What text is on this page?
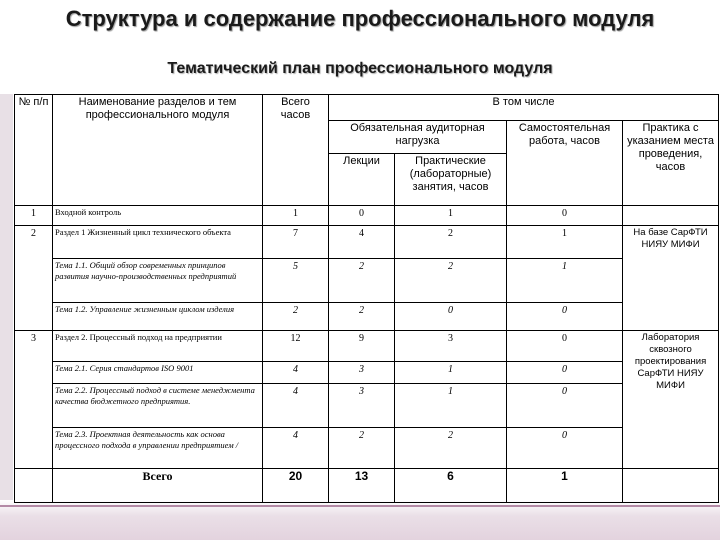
Структура и содержание профессионального модуля
Тематический план профессионального модуля
№ п/п	Наименование разделов и тем профессионального модуля	Всего часов	В том числе			
			Обязательная аудиторная нагрузка		Самостоятельная работа, часов	Практика с указанием места проведения, часов
			Лекции	Практические (лабораторные) занятия, часов		
1	Входной контроль	1	0	1	0	
2	Раздел 1 Жизненный цикл технического объекта	7	4	2	1	На базе СарФТИ НИЯУ МИФИ
	Тема 1.1. Общий обзор современных принципов развития научно-производственных предприятий	5	2	2	1	
	Тема 1.2. Управление жизненным циклом изделия	2	2	0	0	
3	Раздел 2. Процессный подход на предприятии	12	9	3	0	Лаборатория сквозного проектирования СарФТИ НИЯУ МИФИ
	Тема 2.1. Серия стандартов ISO 9001	4	3	1	0	
	Тема 2.2. Процессный подход в системе менеджмента качества бюджетного предприятия.	4	3	1	0	
	Тема 2.3. Проектная деятельность как основа процессного подхода в управлении предприятием /	4	2	2	0	
	Всего	20	13	6	1	
